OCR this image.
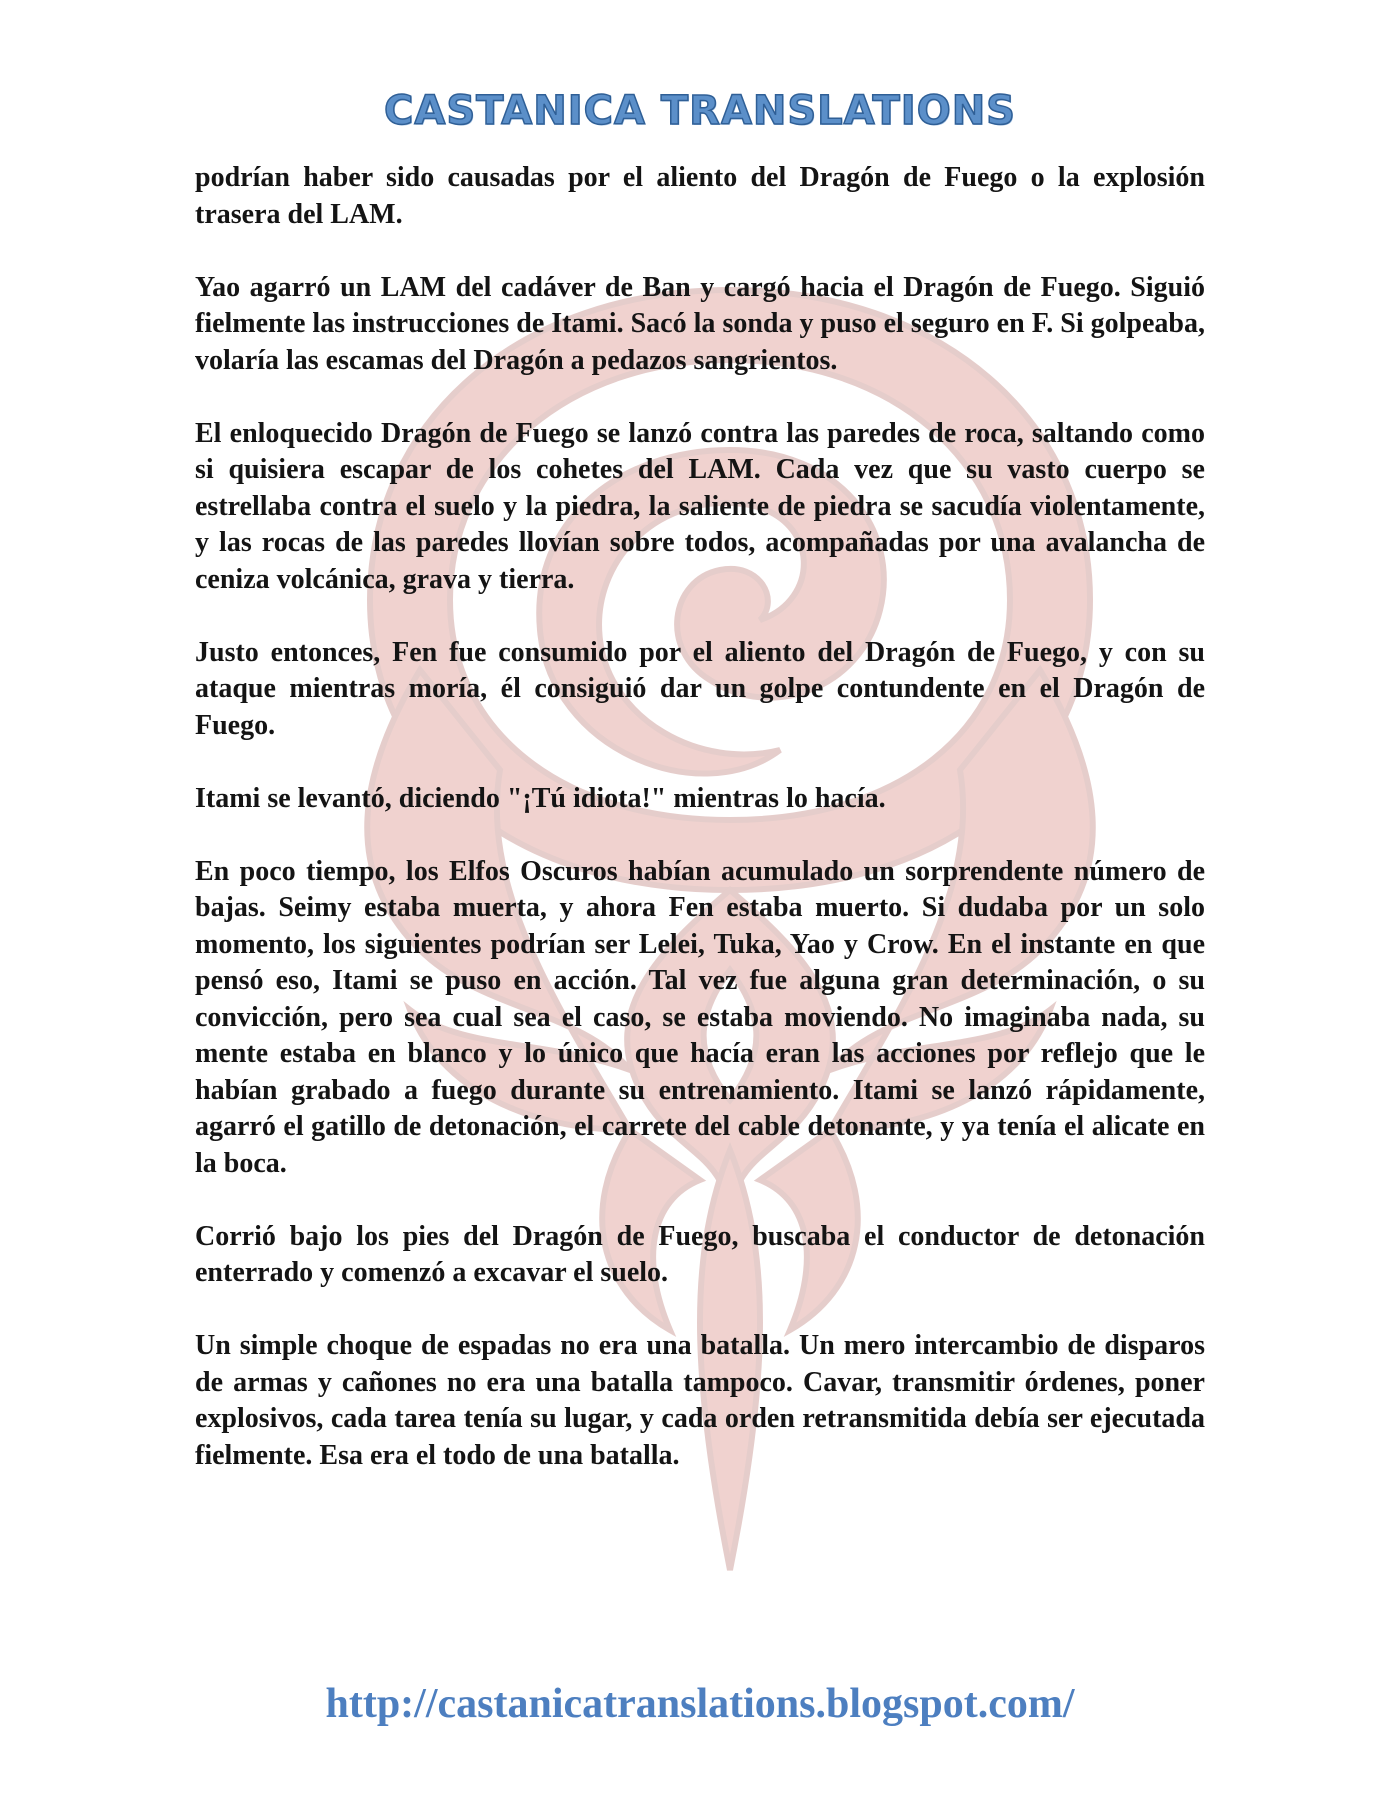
CASTANICA TRANSLATIONS

podrían haber sido causadas por el aliento del Dragón de Fuego o la explosión trasera del LAM.

Yao agarró un LAM del cadáver de Ban y cargó hacia el Dragón de Fuego. Siguió fielmente las instrucciones de Itami. Sacó la sonda y puso el seguro en F. Si golpeaba, volaría las escamas del Dragón a pedazos sangrientos.

El enloquecido Dragón de Fuego se lanzó contra las paredes de roca, saltando como si quisiera escapar de los cohetes del LAM. Cada vez que su vasto cuerpo se estrellaba contra el suelo y la piedra, la saliente de piedra se sacudía violentamente, y las rocas de las paredes llovían sobre todos, acompañadas por una avalancha de ceniza volcánica, grava y tierra.

Justo entonces, Fen fue consumido por el aliento del Dragón de Fuego, y con su ataque mientras moría, él consiguió dar un golpe contundente en el Dragón de Fuego.

Itami se levantó, diciendo "¡Tú idiota!" mientras lo hacía.

En poco tiempo, los Elfos Oscuros habían acumulado un sorprendente número de bajas. Seimy estaba muerta, y ahora Fen estaba muerto. Si dudaba por un solo momento, los siguientes podrían ser Lelei, Tuka, Yao y Crow. En el instante en que pensó eso, Itami se puso en acción. Tal vez fue alguna gran determinación, o su convicción, pero sea cual sea el caso, se estaba moviendo. No imaginaba nada, su mente estaba en blanco y lo único que hacía eran las acciones por reflejo que le habían grabado a fuego durante su entrenamiento. Itami se lanzó rápidamente, agarró el gatillo de detonación, el carrete del cable detonante, y ya tenía el alicate en la boca.

Corrió bajo los pies del Dragón de Fuego, buscaba el conductor de detonación enterrado y comenzó a excavar el suelo.

Un simple choque de espadas no era una batalla. Un mero intercambio de disparos de armas y cañones no era una batalla tampoco. Cavar, transmitir órdenes, poner explosivos, cada tarea tenía su lugar, y cada orden retransmitida debía ser ejecutada fielmente. Esa era el todo de una batalla.

http://castanicatranslations.blogspot.com/
